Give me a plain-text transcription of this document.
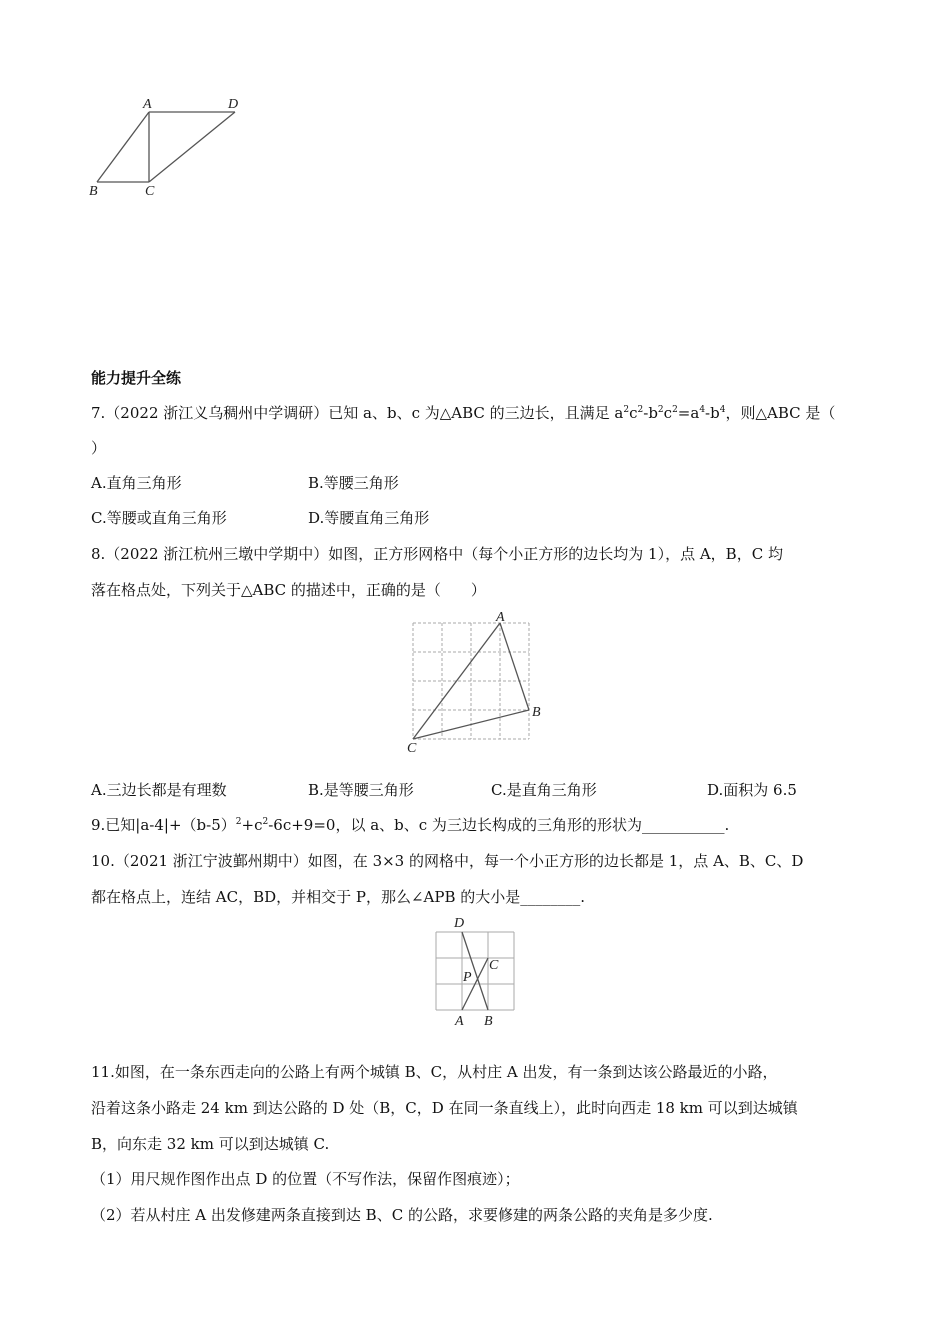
A	D
B	C
能力提升全练
7.（2022 浙江义乌稠州中学调研）已知 a、b、c 为△ABC 的三边长，且满足 $a^2c^2-b^2c^2=a^4-b^4$，则△ABC 是（
）
A.直角三角形	B.等腰三角形
C.等腰或直角三角形	D.等腰直角三角形
8.（2022 浙江杭州三墩中学期中）如图，正方形网格中（每个小正方形的边长均为 1），点 A，B，C 均
落在格点处，下列关于△ABC 的描述中，正确的是（　　）
A
B
C
A.三边长都是有理数	B.是等腰三角形	C.是直角三角形	D.面积为 6.5
9.已知$|a-4|+(b-5)^2+c^2-6c+9=0$，以 a、b、c 为三边长构成的三角形的形状为___________.
10.（2021 浙江宁波鄞州期中）如图，在 3×3 的网格中，每一个小正方形的边长都是 1，点 A、B、C、D
都在格点上，连结 AC，BD，并相交于 P，那么∠APB 的大小是________.
D
P
C
A B
11.如图，在一条东西走向的公路上有两个城镇 B、C，从村庄 A 出发，有一条到达该公路最近的小路，
沿着这条小路走 24 km 到达公路的 D 处（B，C，D 在同一条直线上），此时向西走 18 km 可以到达城镇
B，向东走 32 km 可以到达城镇 C.
（1）用尺规作图作出点 D 的位置（不写作法，保留作图痕迹）；
（2）若从村庄 A 出发修建两条直接到达 B、C 的公路，求要修建的两条公路的夹角是多少度.
